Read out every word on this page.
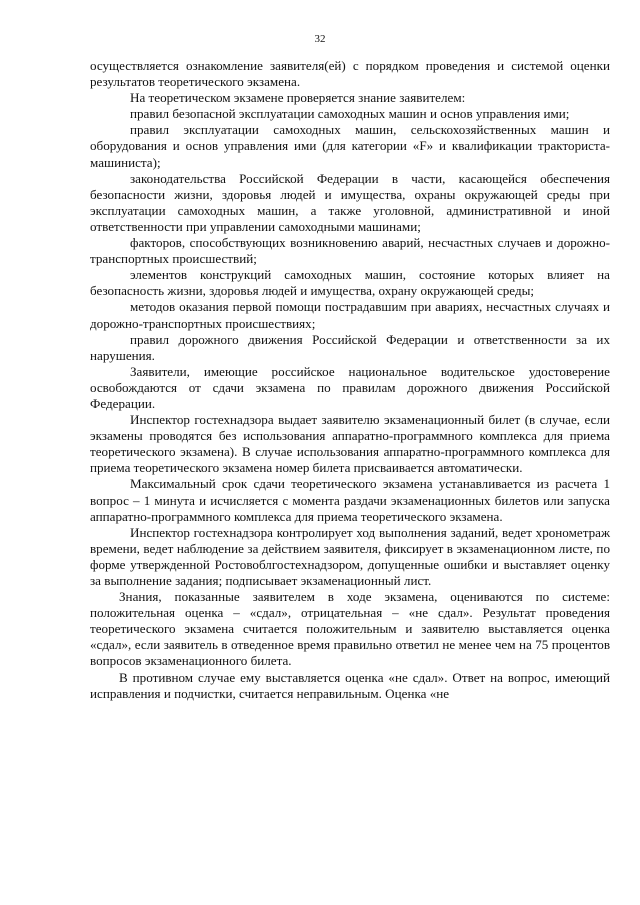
32

осуществляется ознакомление заявителя(ей) с порядком проведения и системой оценки результатов теоретического экзамена.

На теоретическом экзамене проверяется знание заявителем:

правил безопасной эксплуатации самоходных машин и основ управления ими;

правил эксплуатации самоходных машин, сельскохозяйственных машин и оборудования и основ управления ими (для категории «F» и квалификации тракториста-машиниста);

законодательства Российской Федерации в части, касающейся обеспечения безопасности жизни, здоровья людей и имущества, охраны окружающей среды при эксплуатации самоходных машин, а также уголовной, административной и иной ответственности при управлении самоходными машинами;

факторов, способствующих возникновению аварий, несчастных случаев и дорожно-транспортных происшествий;

элементов конструкций самоходных машин, состояние которых влияет на безопасность жизни, здоровья людей и имущества, охрану окружающей среды;

методов оказания первой помощи пострадавшим при авариях, несчастных случаях и дорожно-транспортных происшествиях;

правил дорожного движения Российской Федерации и ответственности за их нарушения.

Заявители, имеющие российское национальное водительское удостоверение освобождаются от сдачи экзамена по правилам дорожного движения Российской Федерации.

Инспектор гостехнадзора выдает заявителю экзаменационный билет (в случае, если экзамены проводятся без использования аппаратно-программного комплекса для приема теоретического экзамена). В случае использования аппаратно-программного комплекса для приема теоретического экзамена номер билета присваивается автоматически.

Максимальный срок сдачи теоретического экзамена устанавливается из расчета 1 вопрос – 1 минута и исчисляется с момента раздачи экзаменационных билетов или запуска аппаратно-программного комплекса для приема теоретического экзамена.

Инспектор гостехнадзора контролирует ход выполнения заданий, ведет хронометраж времени, ведет наблюдение за действием заявителя, фиксирует в экзаменационном листе, по форме утвержденной Ростовоблгостехнадзором, допущенные ошибки и выставляет оценку за выполнение задания; подписывает экзаменационный лист.

Знания, показанные заявителем в ходе экзамена, оцениваются по системе: положительная оценка – «сдал», отрицательная – «не сдал». Результат проведения теоретического экзамена считается положительным и заявителю выставляется оценка «сдал», если заявитель в отведенное время правильно ответил не менее чем на 75 процентов вопросов экзаменационного билета.

В противном случае ему выставляется оценка «не сдал». Ответ на вопрос, имеющий исправления и подчистки, считается неправильным. Оценка «не
